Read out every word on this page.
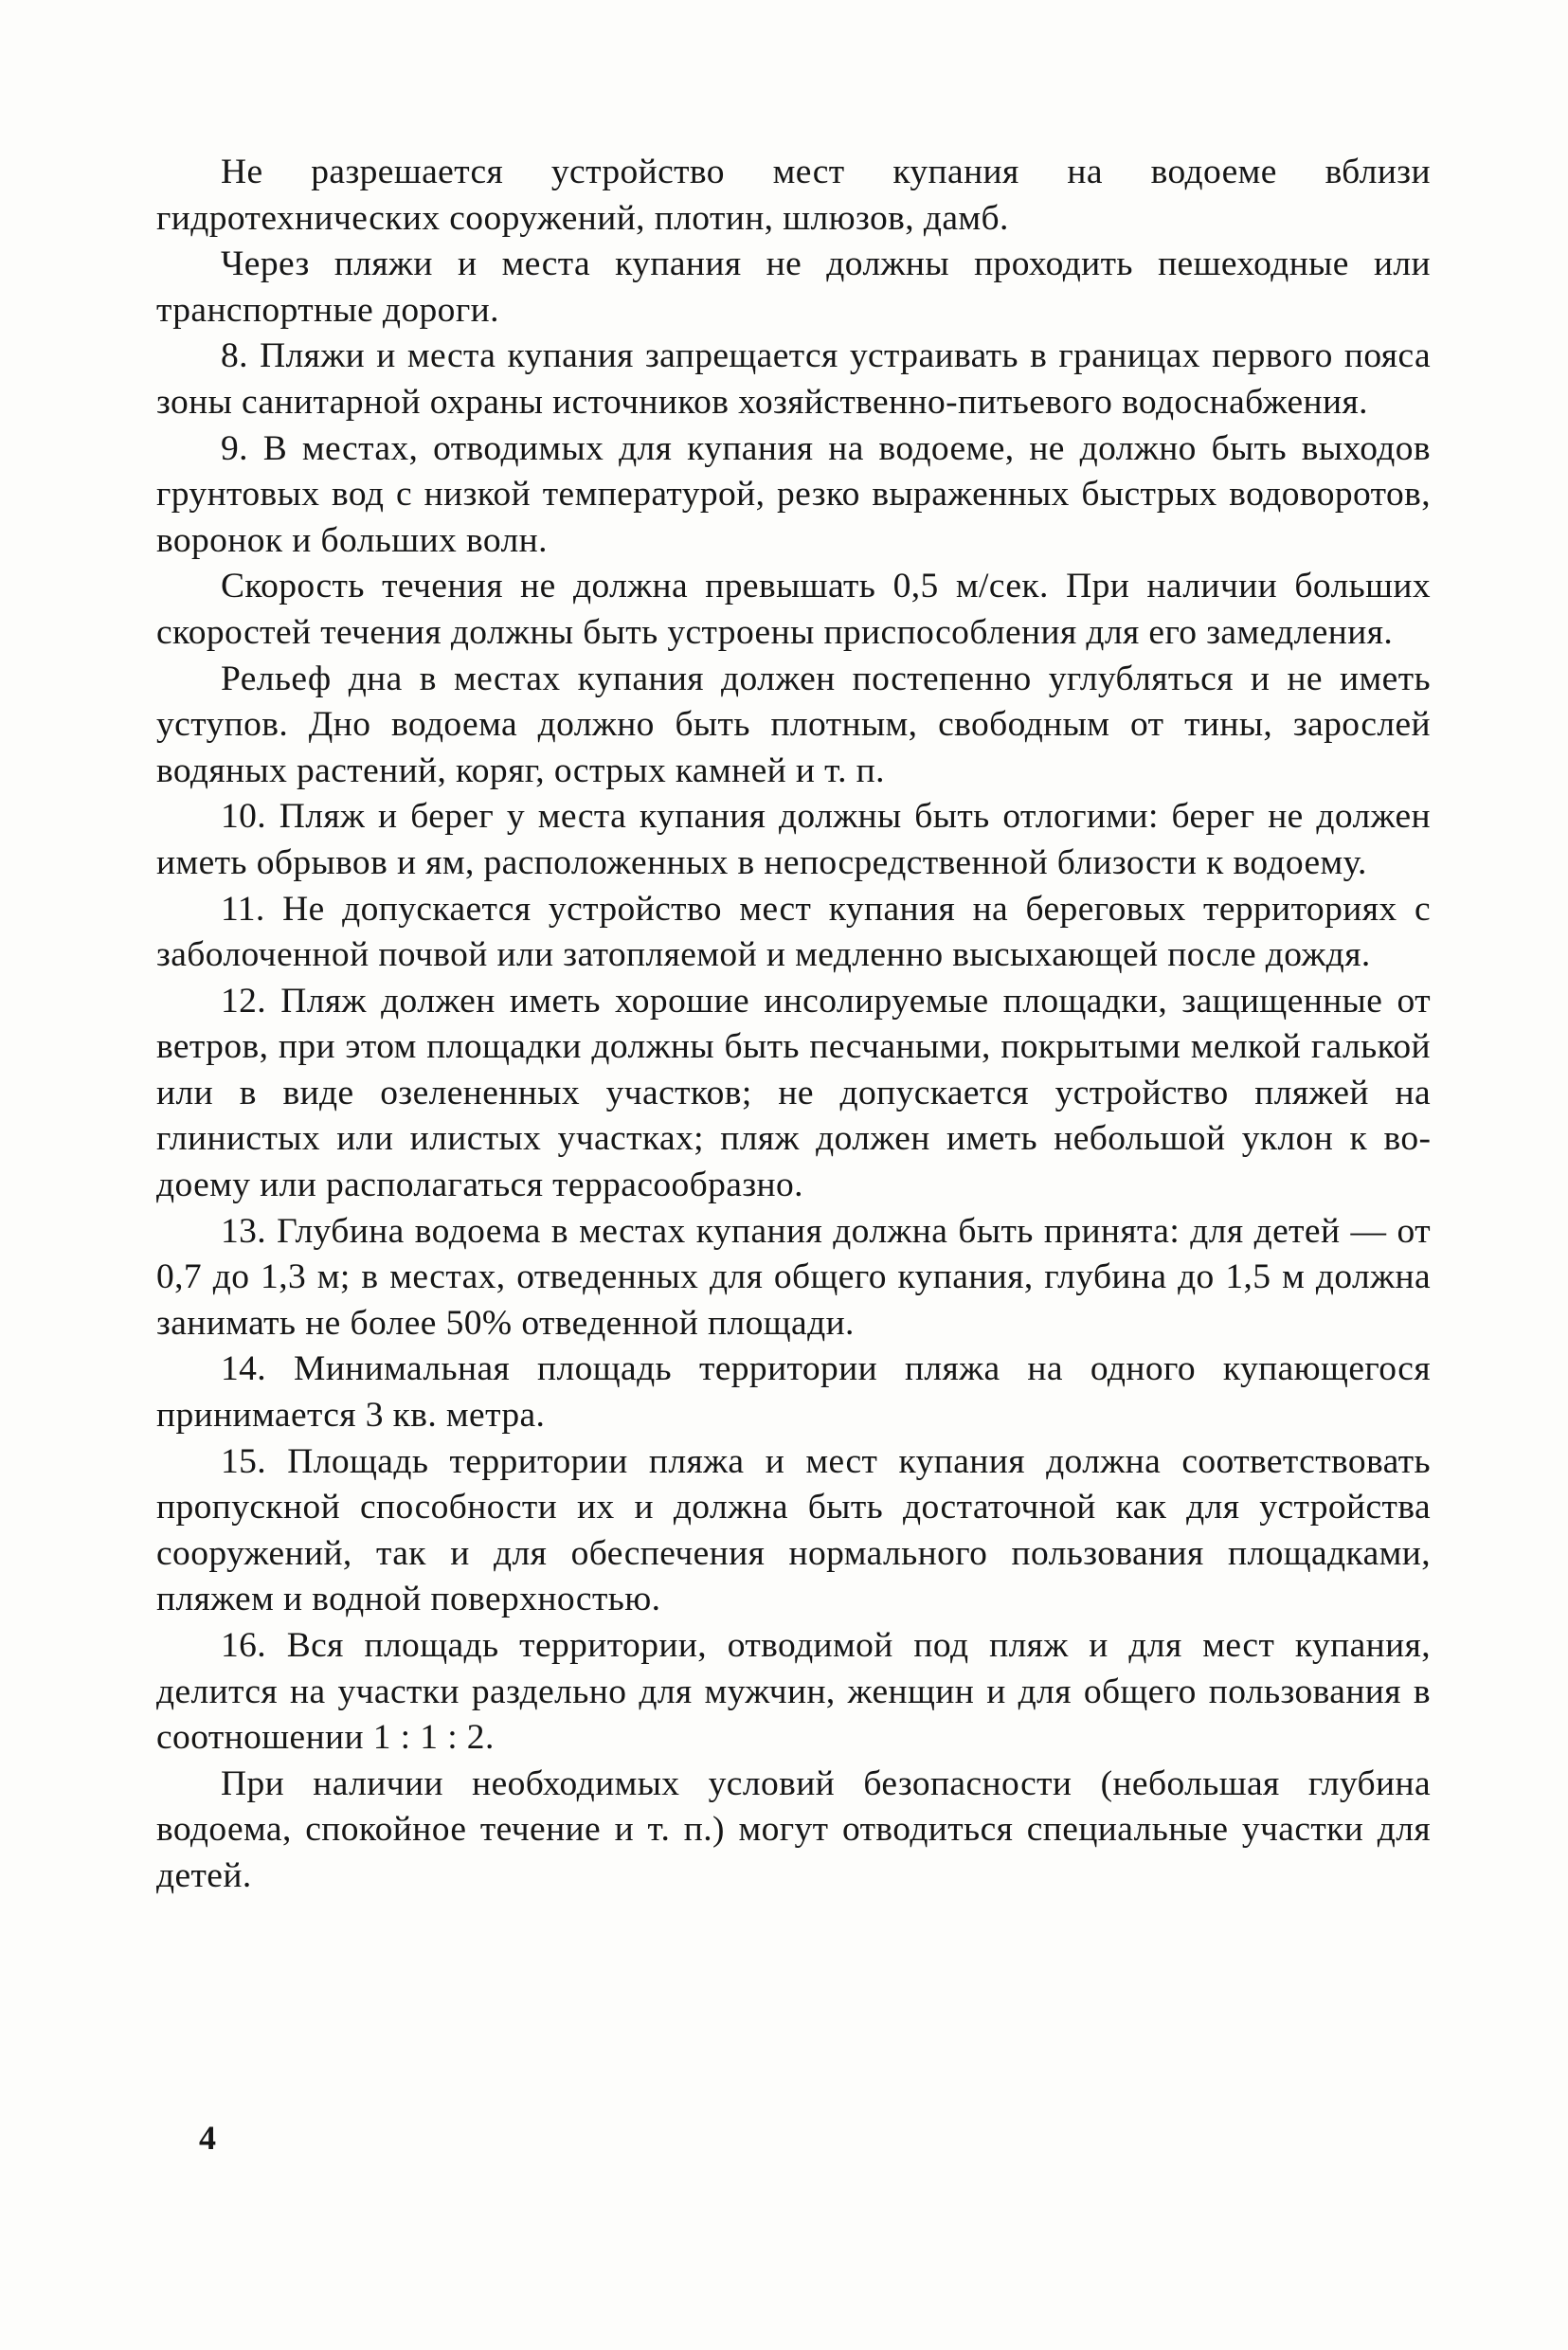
Не разрешается устройство мест купания на водоеме вблизи гидротехнических сооружений, плотин, шлюзов, дамб.

Через пляжи и места купания не должны проходить пешеходные или транспортные дороги.

8. Пляжи и места купания запрещается устраивать в границах первого пояса зоны санитарной охраны источников хозяйственно-питьевого водоснабжения.

9. В местах, отводимых для купания на водоеме, не должно быть выходов грунтовых вод с низкой температурой, резко выраженных быстрых водоворотов, воронок и больших волн.

Скорость течения не должна превышать 0,5 м/сек. При наличии больших скоростей течения должны быть устроены приспособления для его замедления.

Рельеф дна в местах купания должен постепенно углубляться и не иметь уступов. Дно водоема должно быть плотным, свободным от тины, зарослей водяных растений, коряг, острых камней и т. п.

10. Пляж и берег у места купания должны быть отлогими: берег не должен иметь обрывов и ям, расположенных в непосредственной близости к водоему.

11. Не допускается устройство мест купания на береговых территориях с заболоченной почвой или затопляемой и медленно высыхающей после дождя.

12. Пляж должен иметь хорошие инсолируемые площадки, защищенные от ветров, при этом площадки должны быть песчаными, покрытыми мелкой галькой или в виде озелененных участков; не допускается устройство пляжей на глинистых или илистых участках; пляж должен иметь небольшой уклон к водоему или располагаться террасообразно.

13. Глубина водоема в местах купания должна быть принята: для детей — от 0,7 до 1,3 м; в местах, отведенных для общего купания, глубина до 1,5 м должна занимать не более 50% отведенной площади.

14. Минимальная площадь территории пляжа на одного купающегося принимается 3 кв. метра.

15. Площадь территории пляжа и мест купания должна соответствовать пропускной способности их и должна быть достаточной как для устройства сооружений, так и для обеспечения нормального пользования площадками, пляжем и водной поверхностью.

16. Вся площадь территории, отводимой под пляж и для мест купания, делится на участки раздельно для мужчин, женщин и для общего пользования в соотношении 1 : 1 : 2.

При наличии необходимых условий безопасности (небольшая глубина водоема, спокойное течение и т. п.) могут отводиться специальные участки для детей.

4
